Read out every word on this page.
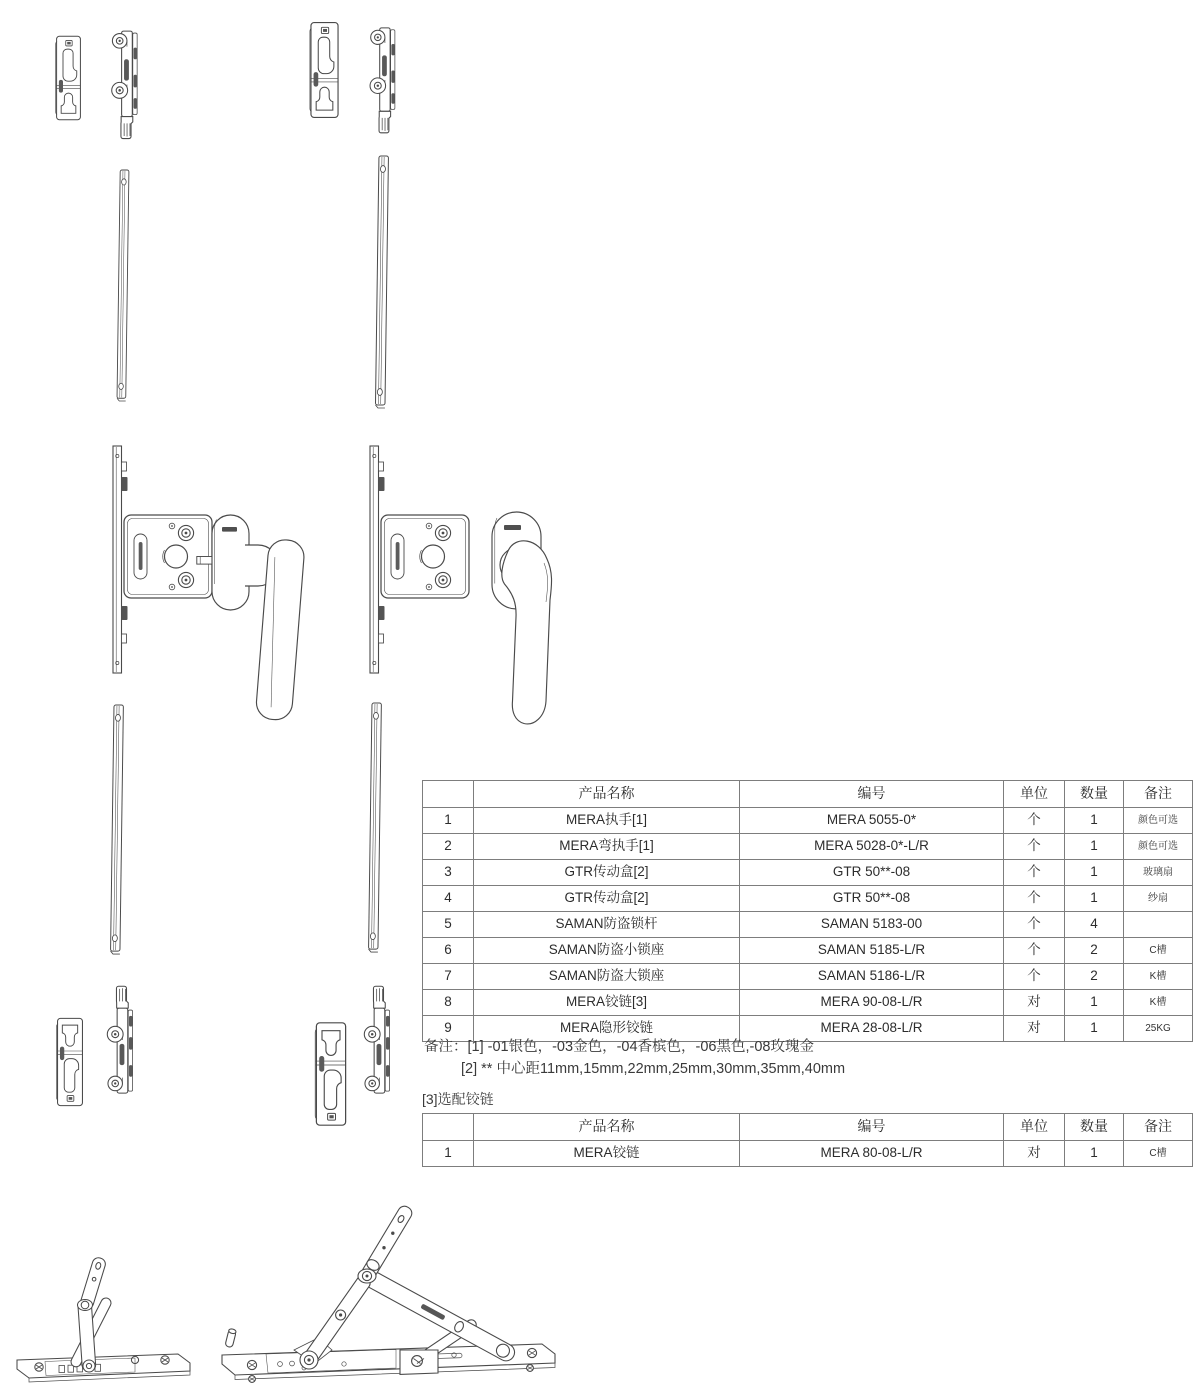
	产品名称	编号	单位	数量	备注
1	MERA执手[1]	MERA 5055-0*	个	1	颜色可选
2	MERA弯执手[1]	MERA 5028-0*-L/R	个	1	颜色可选
3	GTR传动盒[2]	GTR 50**-08	个	1	玻璃扇
4	GTR传动盒[2]	GTR 50**-08	个	1	纱扇
5	SAMAN防盗锁杆	SAMAN 5183-00	个	4	
6	SAMAN防盗小锁座	SAMAN 5185-L/R	个	2	C槽
7	SAMAN防盗大锁座	SAMAN 5186-L/R	个	2	K槽
8	MERA铰链[3]	MERA 90-08-L/R	对	1	K槽
9	MERA隐形铰链	MERA 28-08-L/R	对	1	25KG
备注： [1] -01银色，-03金色，-04香槟色，-06黑色,-08玫瑰金
[2] ** 中心距11mm,15mm,22mm,25mm,30mm,35mm,40mm
[3]选配铰链
	产品名称	编号	单位	数量	备注
1	MERA铰链	MERA 80-08-L/R	对	1	C槽
